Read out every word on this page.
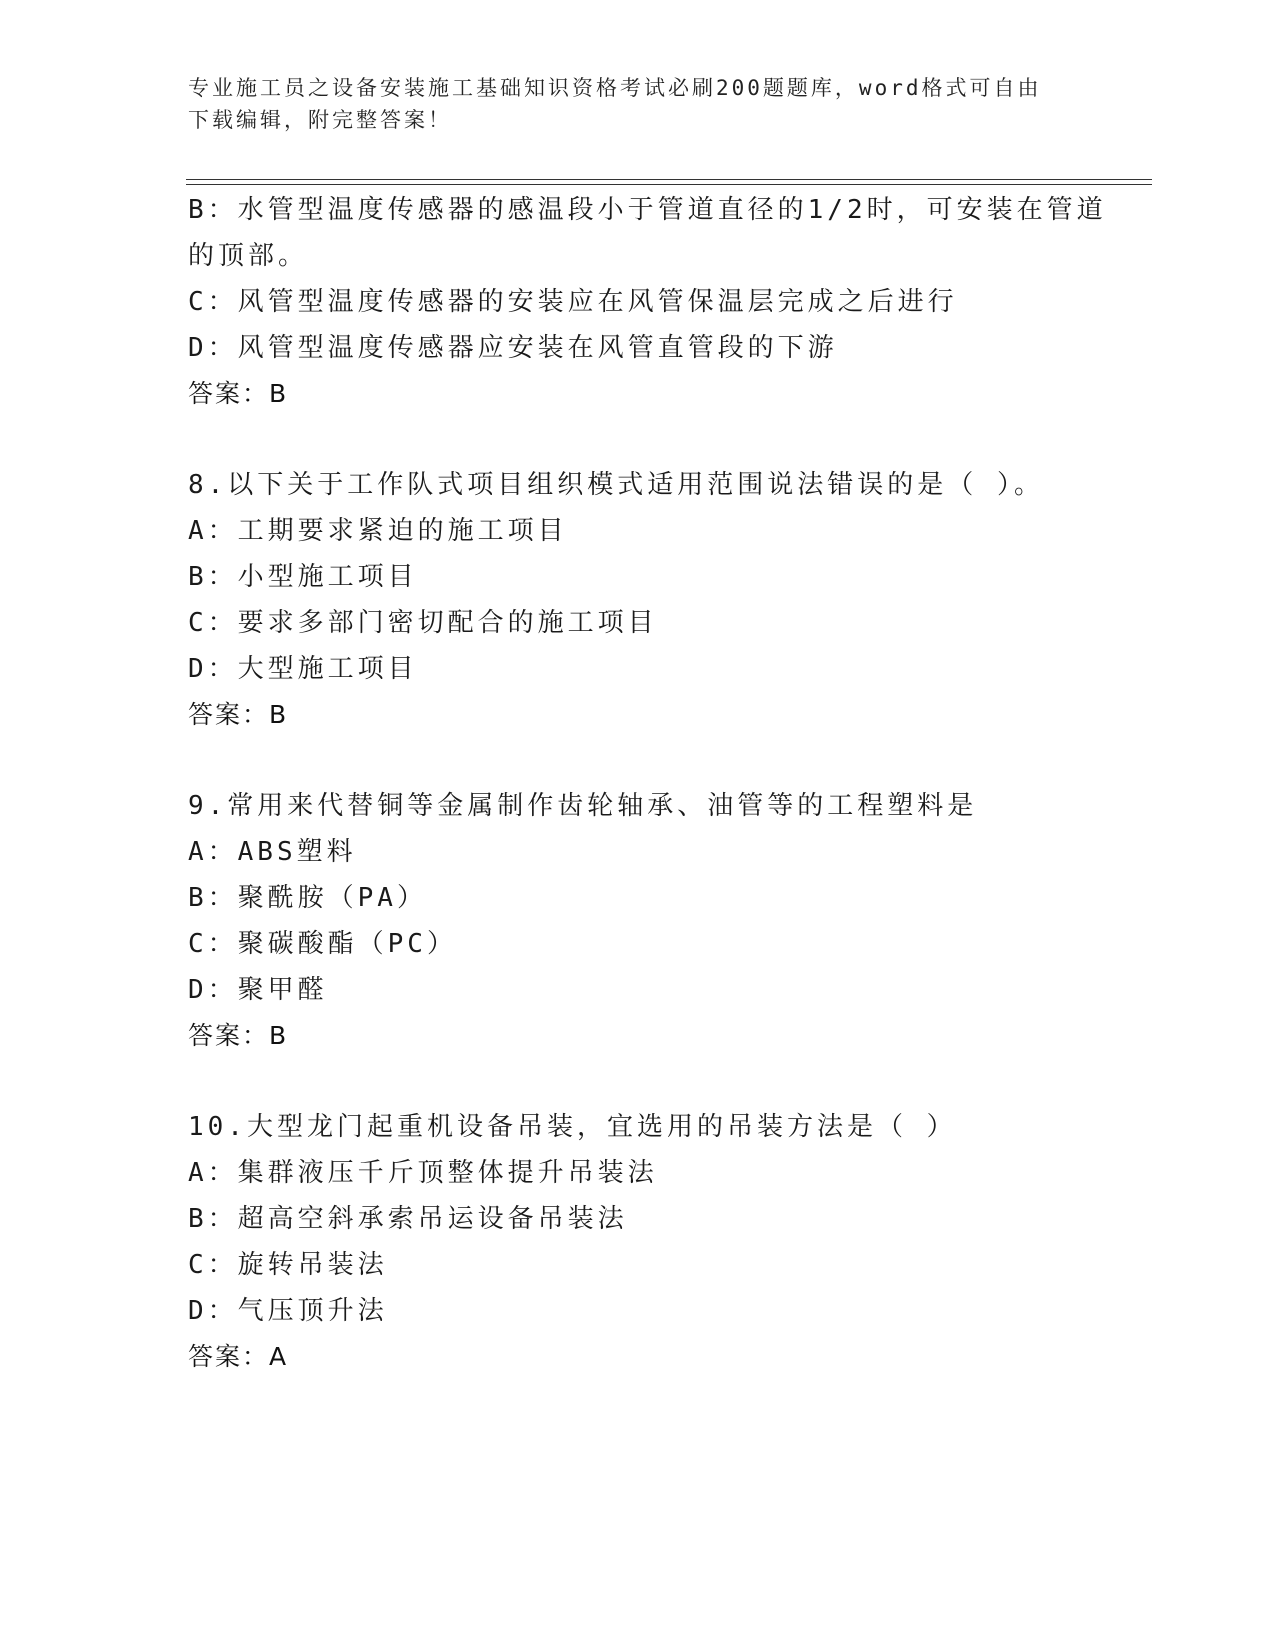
专业施工员之设备安装施工基础知识资格考试必刷200题题库，word格式可自由
下载编辑，附完整答案！
B：水管型温度传感器的感温段小于管道直径的1/2时，可安装在管道
的顶部。
C：风管型温度传感器的安装应在风管保温层完成之后进行
D：风管型温度传感器应安装在风管直管段的下游
答案：B
8.以下关于工作队式项目组织模式适用范围说法错误的是（ ）。
A：工期要求紧迫的施工项目
B：小型施工项目
C：要求多部门密切配合的施工项目
D：大型施工项目
答案：B
9.常用来代替铜等金属制作齿轮轴承、油管等的工程塑料是
A：ABS塑料
B：聚酰胺（PA）
C：聚碳酸酯（PC）
D：聚甲醛
答案：B
10.大型龙门起重机设备吊装，宜选用的吊装方法是（ ）
A：集群液压千斤顶整体提升吊装法
B：超高空斜承索吊运设备吊装法
C：旋转吊装法
D：气压顶升法
答案：A
